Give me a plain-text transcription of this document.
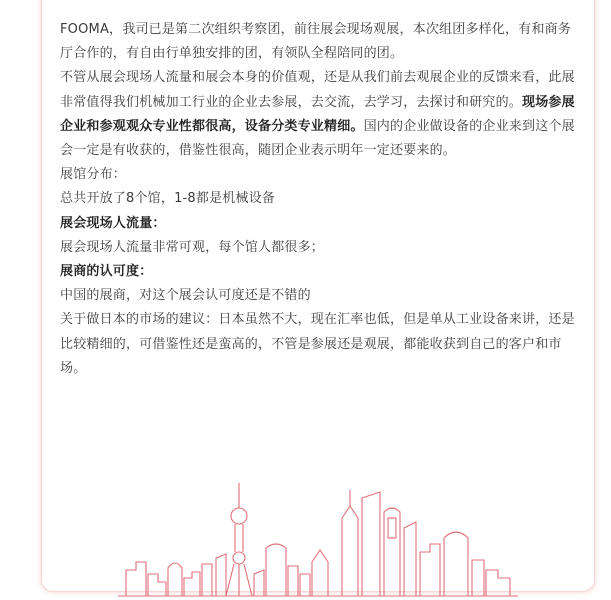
FOOMA，我司已是第二次组织考察团，前往展会现场观展，本次组团多样化，有和商务厅合作的，有自由行单独安排的团，有领队全程陪同的团。

不管从展会现场人流量和展会本身的价值观，还是从我们前去观展企业的反馈来看，此展非常值得我们机械加工行业的企业去参展，去交流，去学习，去探讨和研究的。现场参展企业和参观观众专业性都很高，设备分类专业精细。国内的企业做设备的企业来到这个展会一定是有收获的，借鉴性很高，随团企业表示明年一定还要来的。

展馆分布：

总共开放了8个馆，1-8都是机械设备

展会现场人流量：

展会现场人流量非常可观，每个馆人都很多；

展商的认可度：

中国的展商，对这个展会认可度还是不错的

关于做日本的市场的建议：日本虽然不大，现在汇率也低，但是单从工业设备来讲，还是比较精细的，可借鉴性还是蛮高的，不管是参展还是观展，都能收获到自己的客户和市场。
